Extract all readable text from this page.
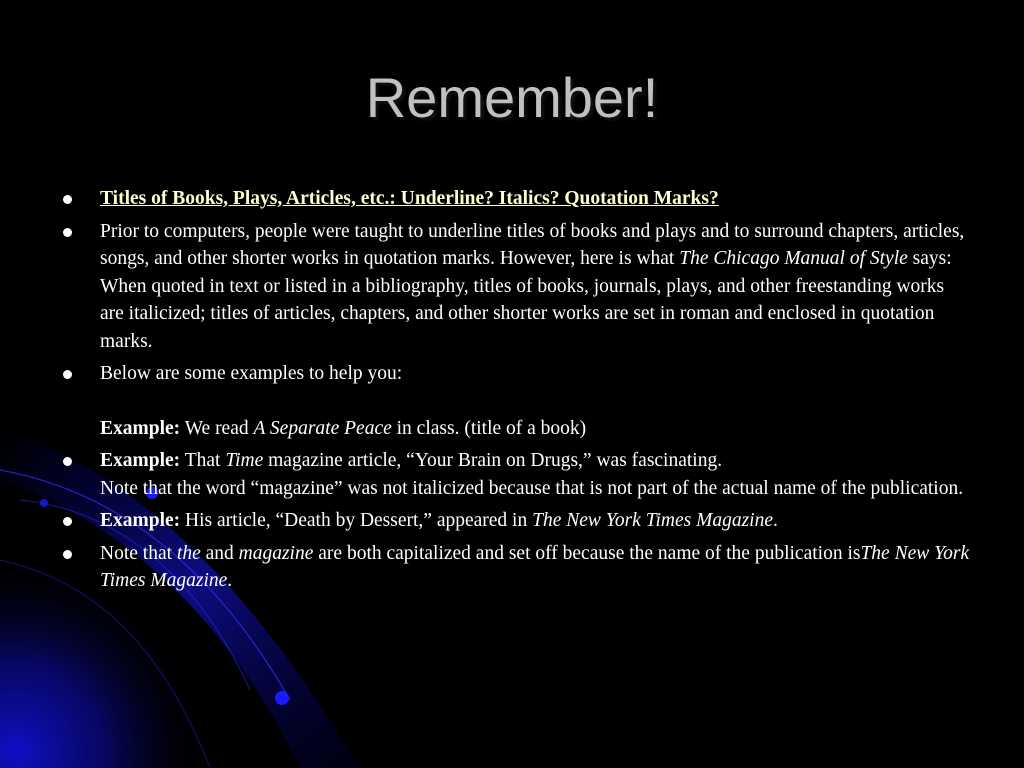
Remember!
Titles of Books, Plays, Articles, etc.: Underline? Italics? Quotation Marks?
Prior to computers, people were taught to underline titles of books and plays and to surround chapters, articles, songs, and other shorter works in quotation marks. However, here is what The Chicago Manual of Style says: When quoted in text or listed in a bibliography, titles of books, journals, plays, and other freestanding works are italicized; titles of articles, chapters, and other shorter works are set in roman and enclosed in quotation marks.
Below are some examples to help you:
Example: We read A Separate Peace in class. (title of a book)
Example: That Time magazine article, “Your Brain on Drugs,” was fascinating.
Note that the word “magazine” was not italicized because that is not part of the actual name of the publication.
Example: His article, “Death by Dessert,” appeared in The New York Times Magazine.
Note that the and magazine are both capitalized and set off because the name of the publication isThe New York Times Magazine.
